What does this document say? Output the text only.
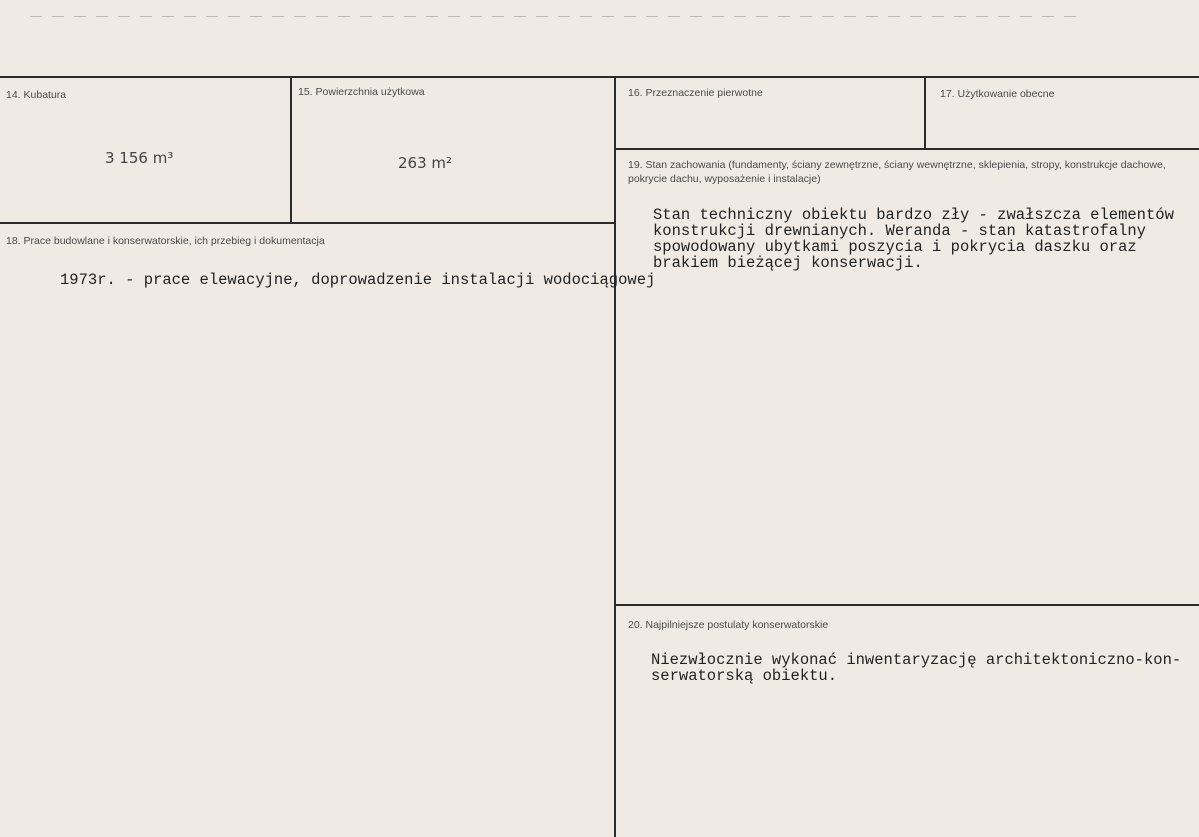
14. Kubatura
3 156 m³
15. Powierzchnia użytkowa
263 m²
16. Przeznaczenie pierwotne	17. Użytkowanie obecne
18. Prace budowlane i konserwatorskie, ich przebieg i dokumentacja
1973r. - prace elewacyjne, doprowadzenie instalacji wodociągowej
19. Stan zachowania (fundamenty, ściany zewnętrzne, ściany wewnętrzne, sklepienia, stropy, konstrukcje dachowe, pokrycie dachu, wyposażenie i instalacje)
Stan techniczny obiektu bardzo zły - zwałszcza elementów
konstrukcji drewnianych. Weranda - stan katastrofalny
spowodowany ubytkami poszycia i pokrycia daszku oraz
brakiem bieżącej konserwacji.
20. Najpilniejsze postulaty konserwatorskie
Niezwłocznie wykonać inwentaryzację architektoniczno-kon-
serwatorską obiektu.
